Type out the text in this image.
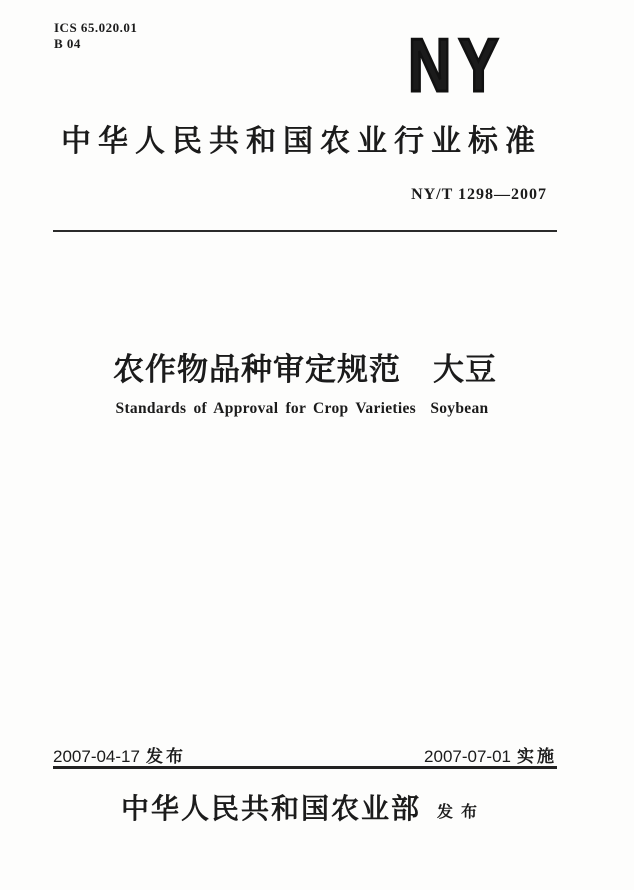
ICS 65.020.01
B 04	NY
中华人民共和国农业行业标准
NY/T 1298—2007
农作物品种审定规范　大豆
Standards of Approval for Crop Varieties  Soybean
2007-04-17 发布	2007-07-01 实施
中华人民共和国农业部 发布
